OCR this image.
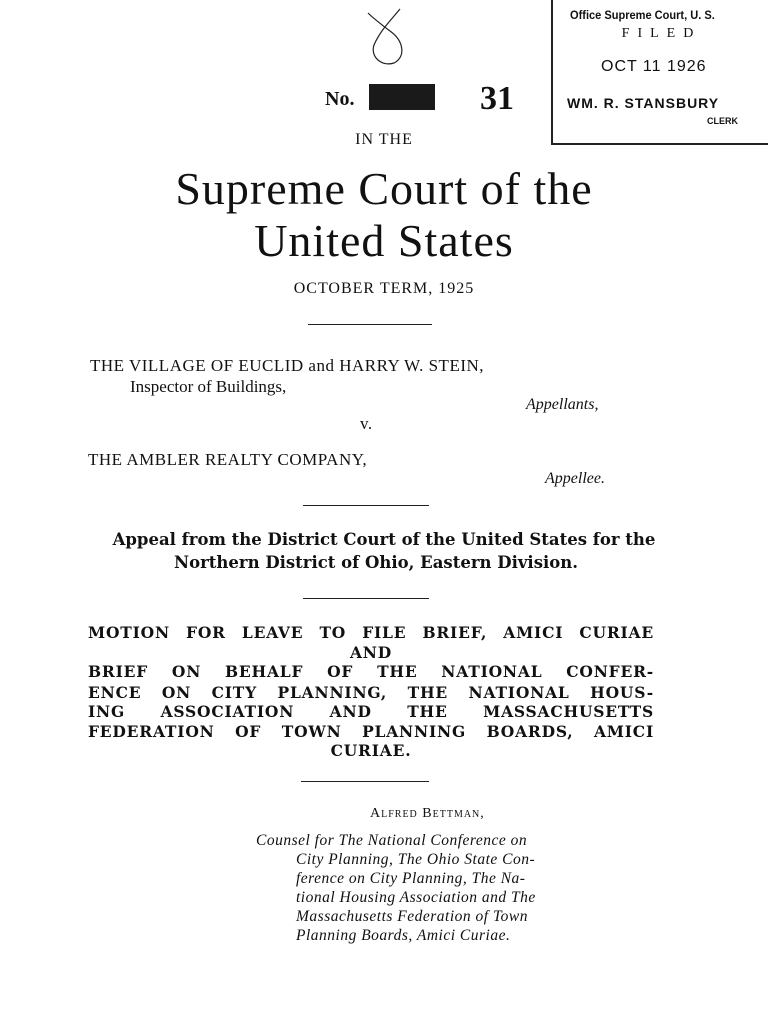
Office Supreme Court, U. S.
FILED
OCT 11 1926
WM. R. STANSBURY
CLERK
No.	31
IN THE
Supreme Court of the
United States
OCTOBER TERM, 1925
THE VILLAGE OF EUCLID and HARRY W. STEIN,
Inspector of Buildings,
Appellants,
v.
THE AMBLER REALTY COMPANY,
Appellee.
Appeal from the District Court of the United States for the
Northern District of Ohio, Eastern Division.
MOTION FOR LEAVE TO FILE BRIEF, AMICI CURIAE
AND
BRIEF ON BEHALF OF THE NATIONAL CONFER-
ENCE ON CITY PLANNING, THE NATIONAL HOUS-
ING ASSOCIATION AND THE MASSACHUSETTS
FEDERATION OF TOWN PLANNING BOARDS, AMICI
CURIAE.
Alfred Bettman,
Counsel for The National Conference on
City Planning, The Ohio State Con-
ference on City Planning, The Na-
tional Housing Association and The
Massachusetts Federation of Town
Planning Boards, Amici Curiae.
